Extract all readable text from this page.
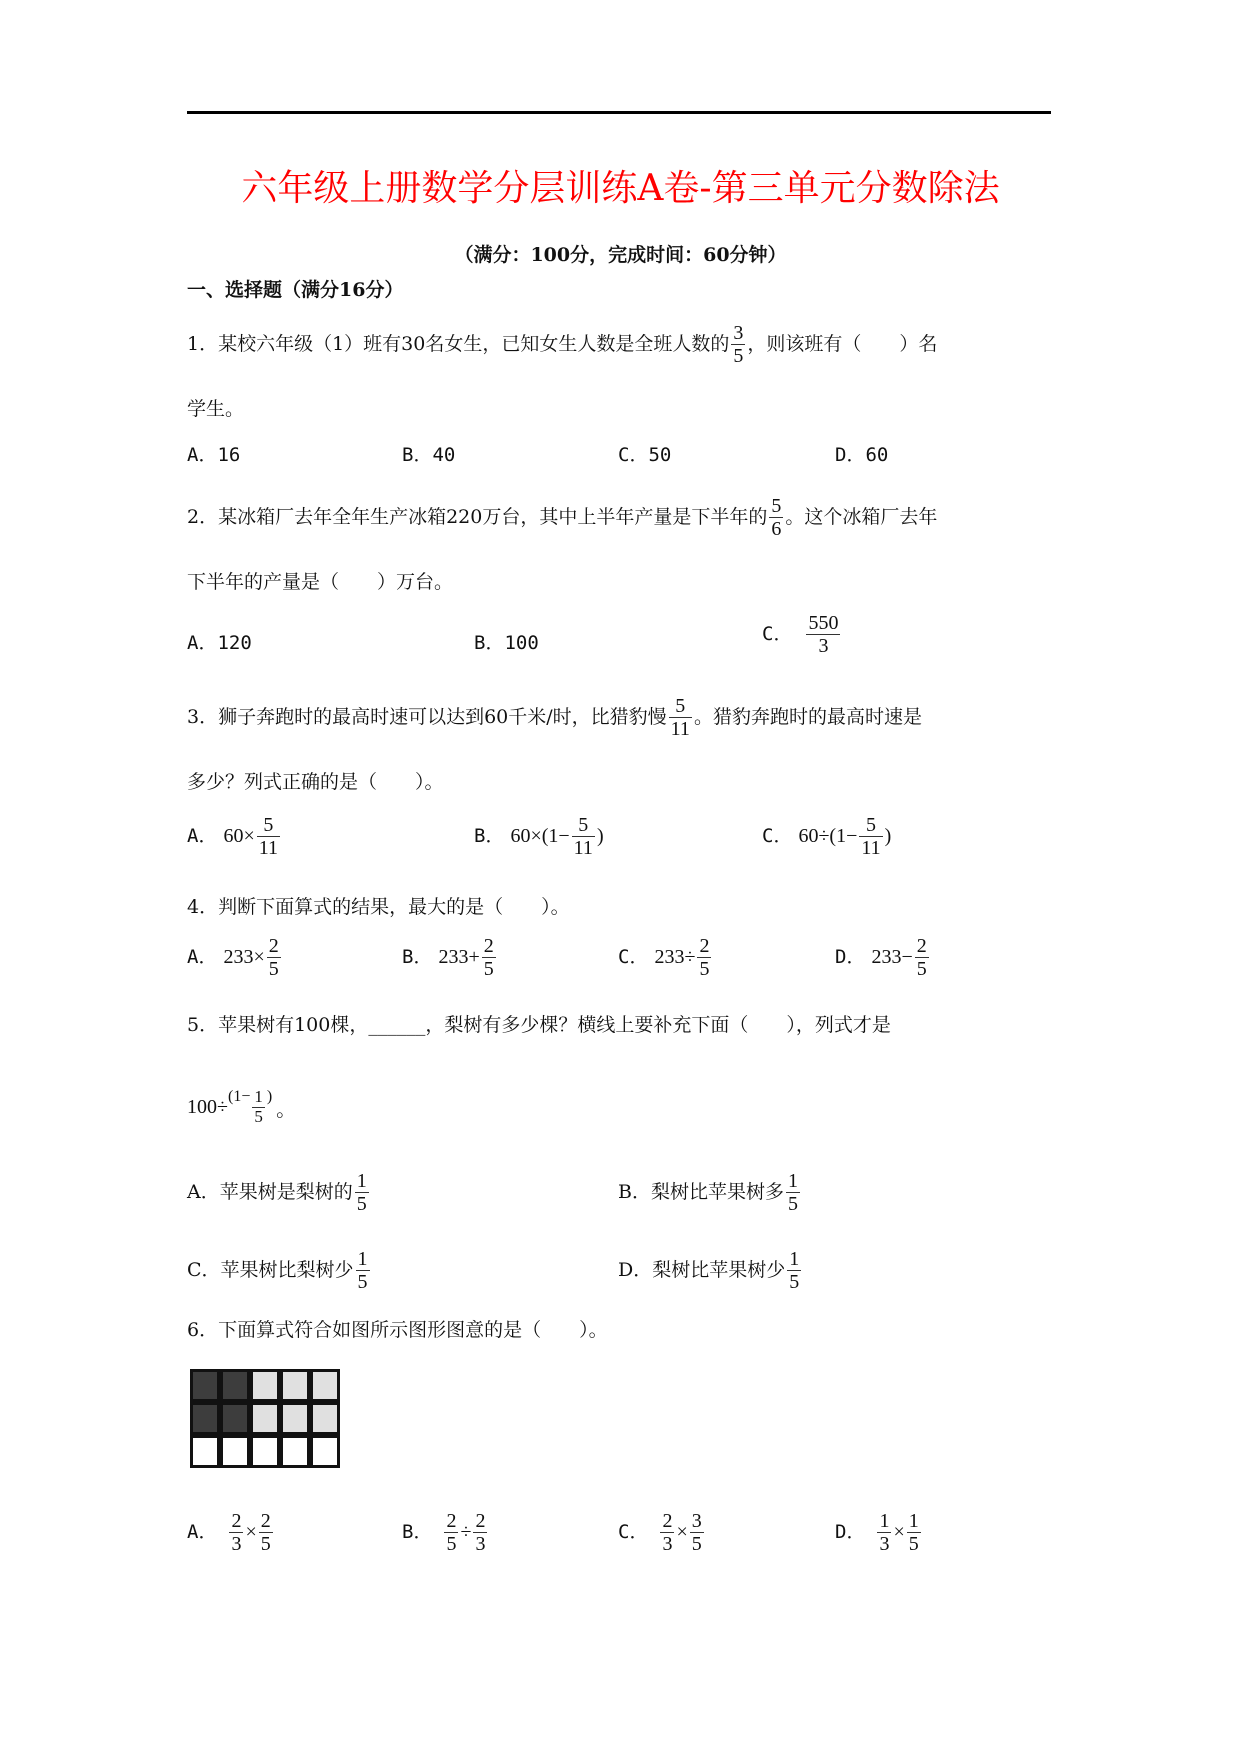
六年级上册数学分层训练A卷-第三单元分数除法
（满分：100分，完成时间：60分钟）
一、选择题（满分16分）
1．某校六年级（1）班有30名女生，已知女生人数是全班人数的 $\frac{3}{5}$ ，则该班有（　　）名
学生。
A．16	B．40	C．50	D．60
2．某冰箱厂去年全年生产冰箱220万台，其中上半年产量是下半年的 $\frac{5}{6}$ 。这个冰箱厂去年
下半年的产量是（　　）万台。
A．120	B．100	C． $\frac{550}{3}$
3．狮子奔跑时的最高时速可以达到60千米/时，比猎豹慢 $\frac{5}{11}$ 。猎豹奔跑时的最高时速是
多少？列式正确的是（　　）。
A． $60\times \frac{5}{11}$	B． $60\times(1- \frac{5}{11}$ )	C． $60\div(1- \frac{5}{11}$ )
4．判断下面算式的结果，最大的是（　　）。
A． $233\times \frac{2}{5}$	B． $233+ \frac{2}{5}$	C． $233\div \frac{2}{5}$	D． $233- \frac{2}{5}$
5．苹果树有100棵，______，梨树有多少棵？横线上要补充下面（　　），列式才是
$100\div (1- \frac{1}{5}$ )
。
A．苹果树是梨树的 $\frac{1}{5}$	B．梨树比苹果树多 $\frac{1}{5}$
C．苹果树比梨树少 $\frac{1}{5}$	D．梨树比苹果树少 $\frac{1}{5}$
6．下面算式符合如图所示图形图意的是（　　）。
A． $\frac{2}{3} \times \frac{2}{5}$	B． $\frac{2}{5} \div \frac{2}{3}$	C． $\frac{2}{3} \times \frac{3}{5}$	D． $\frac{1}{3} \times \frac{1}{5}$
